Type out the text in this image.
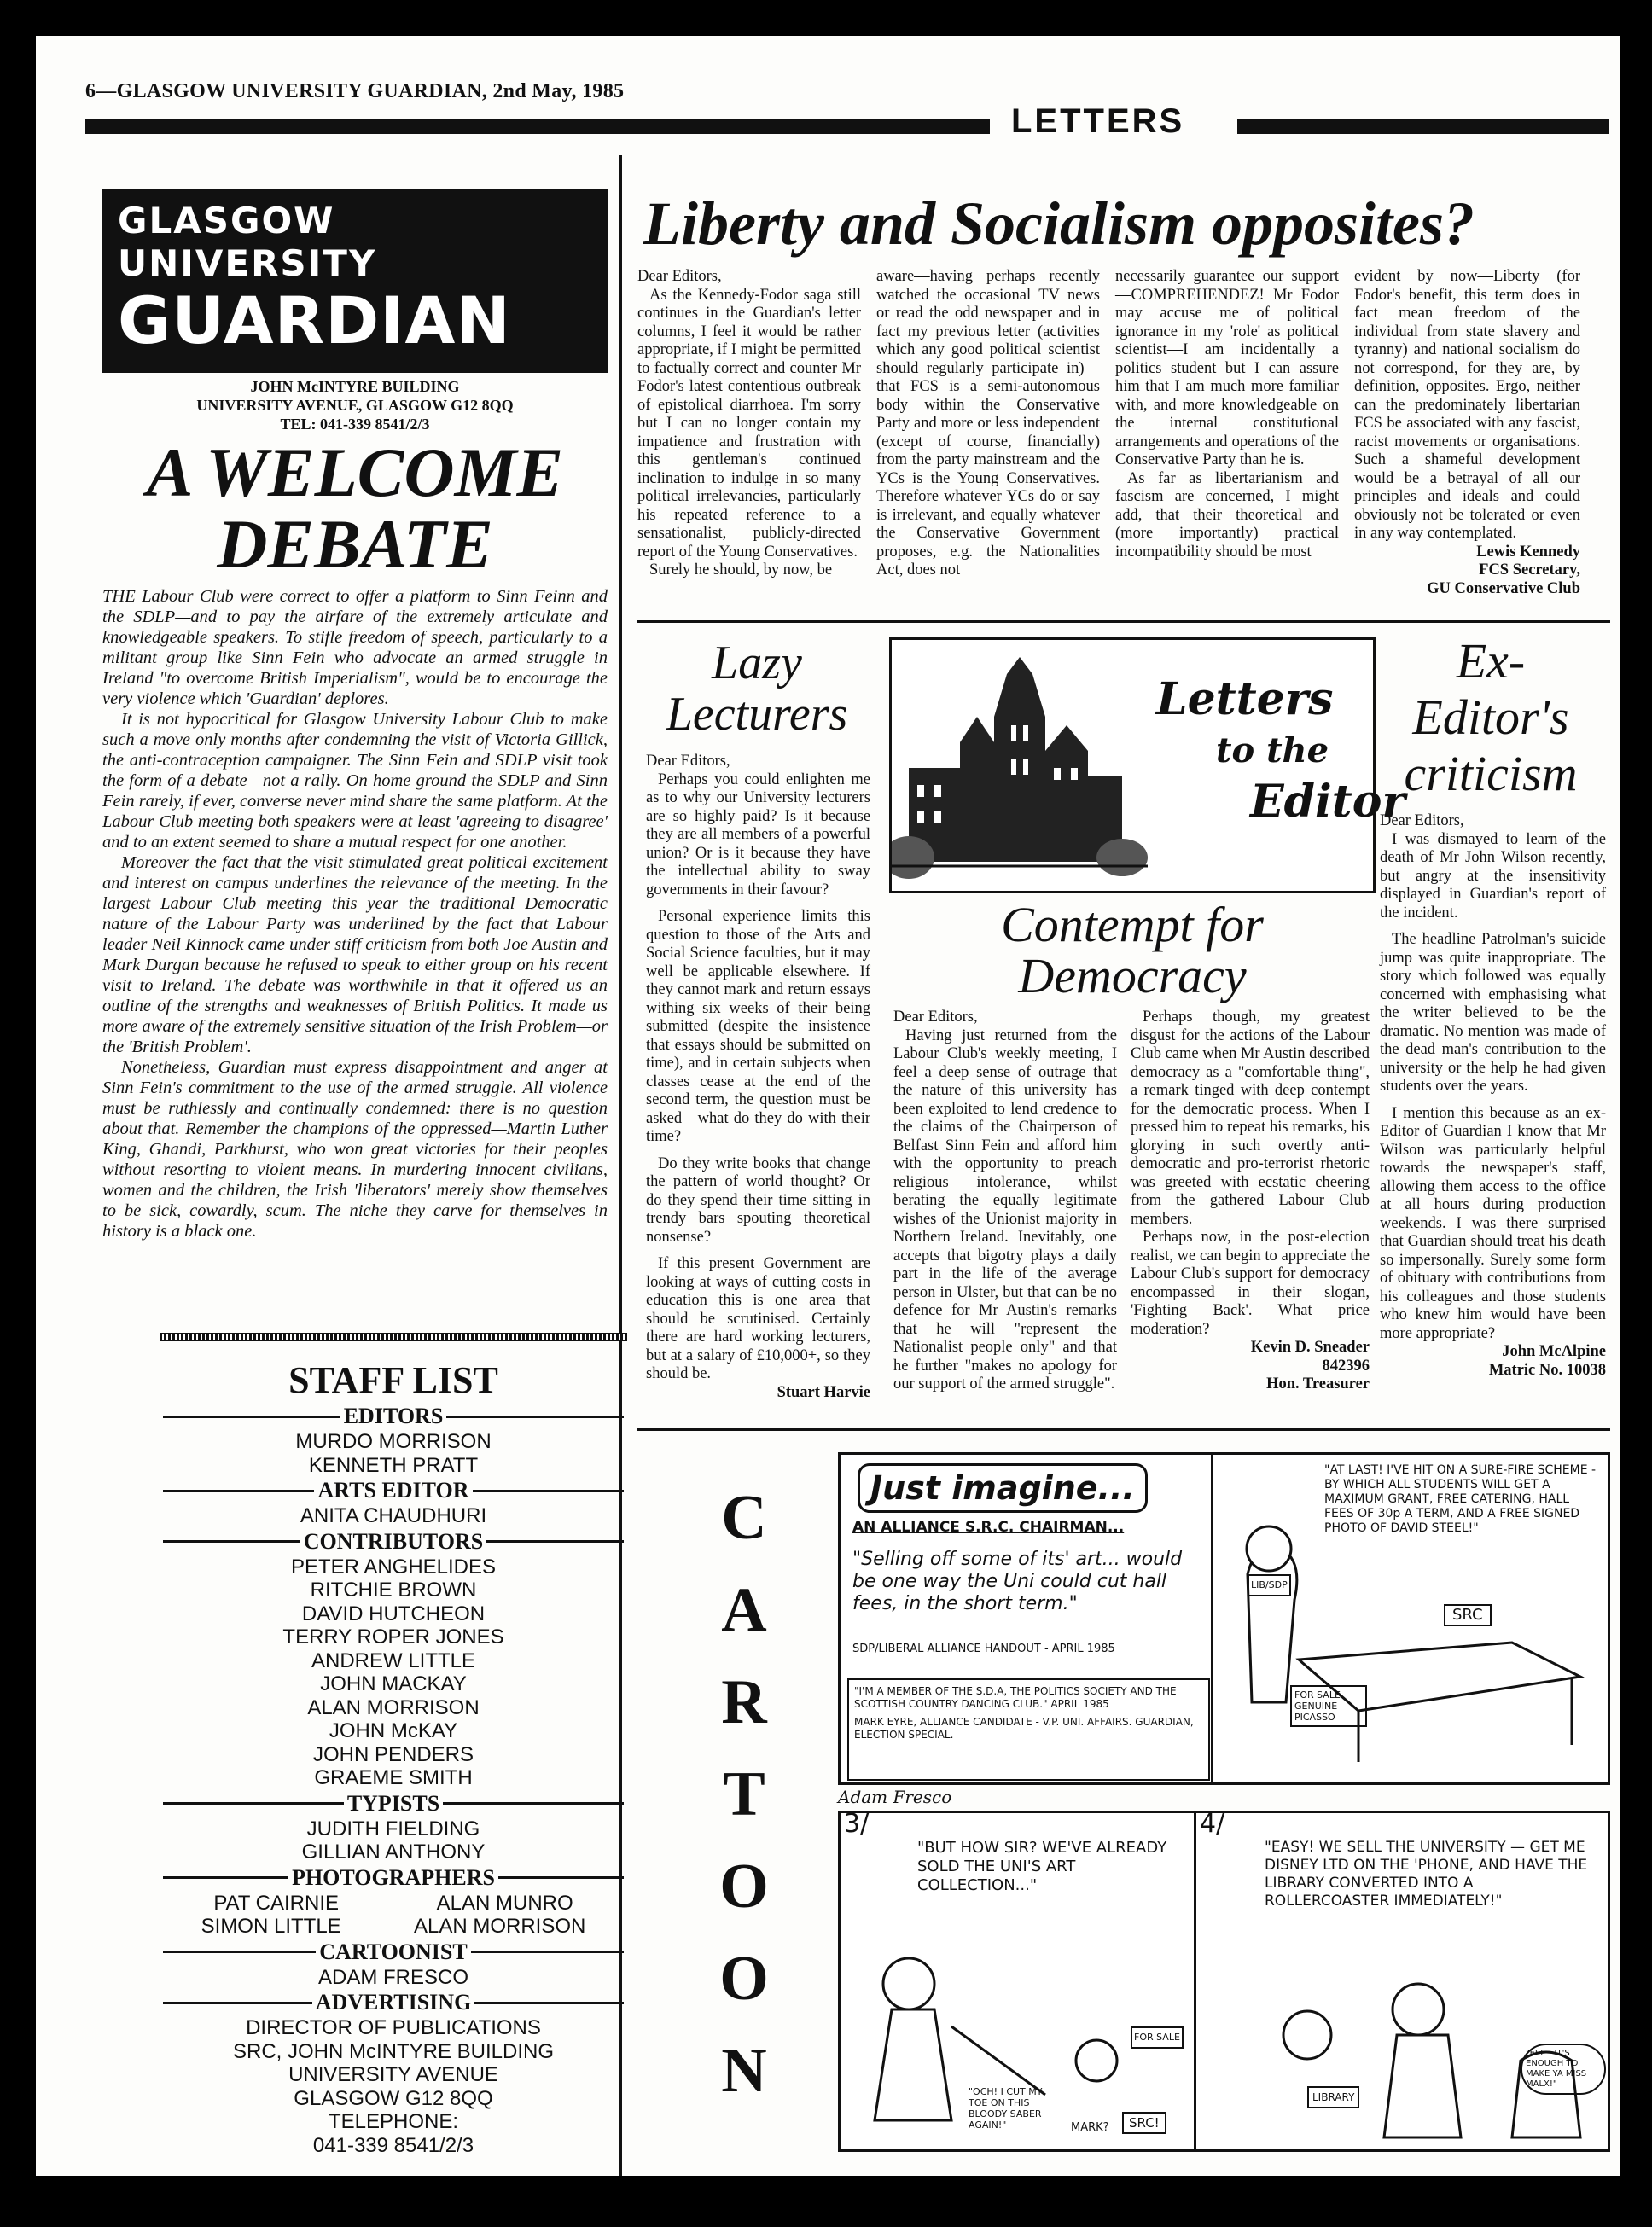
6—GLASGOW UNIVERSITY GUARDIAN, 2nd May, 1985
LETTERS
GLASGOW
UNIVERSITY
GUARDIAN
JOHN McINTYRE BUILDING
UNIVERSITY AVENUE, GLASGOW G12 8QQ
TEL: 041-339 8541/2/3
A WELCOME
DEBATE

THE Labour Club were correct to offer a platform to Sinn Feinn and the SDLP—and to pay the airfare of the extremely articulate and knowledgeable speakers. To stifle freedom of speech, particularly to a militant group like Sinn Fein who advocate an armed struggle in Ireland "to overcome British Imperialism", would be to encourage the very violence which 'Guardian' deplores.

It is not hypocritical for Glasgow University Labour Club to make such a move only months after condemning the visit of Victoria Gillick, the anti-contraception campaigner. The Sinn Fein and SDLP visit took the form of a debate—not a rally. On home ground the SDLP and Sinn Fein rarely, if ever, converse never mind share the same platform. At the Labour Club meeting both speakers were at least 'agreeing to disagree' and to an extent seemed to share a mutual respect for one another.

Moreover the fact that the visit stimulated great political excitement and interest on campus underlines the relevance of the meeting. In the largest Labour Club meeting this year the traditional Democratic nature of the Labour Party was underlined by the fact that Labour leader Neil Kinnock came under stiff criticism from both Joe Austin and Mark Durgan because he refused to speak to either group on his recent visit to Ireland. The debate was worthwhile in that it offered us an outline of the strengths and weaknesses of British Politics. It made us more aware of the extremely sensitive situation of the Irish Problem—or the 'British Problem'.

Nonetheless, Guardian must express disappointment and anger at Sinn Fein's commitment to the use of the armed struggle. All violence must be ruthlessly and continually condemned: there is no question about that. Remember the champions of the oppressed—Martin Luther King, Ghandi, Parkhurst, who won great victories for their peoples without resorting to violent means. In murdering innocent civilians, women and the children, the Irish 'liberators' merely show themselves to be sick, cowardly, scum. The niche they carve for themselves in history is a black one.

STAFF LIST
EDITORS
MURDO MORRISON
KENNETH PRATT
ARTS EDITOR
ANITA CHAUDHURI
CONTRIBUTORS
PETER ANGHELIDES
RITCHIE BROWN
DAVID HUTCHEON
TERRY ROPER JONES
ANDREW LITTLE
JOHN MACKAY
ALAN MORRISON
JOHN McKAY
JOHN PENDERS
GRAEME SMITH
TYPISTS
JUDITH FIELDING
GILLIAN ANTHONY
PHOTOGRAPHERS
PAT CAIRNIE	ALAN MUNRO
SIMON LITTLE	ALAN MORRISON
CARTOONIST
ADAM FRESCO
ADVERTISING
DIRECTOR OF PUBLICATIONS
SRC, JOHN McINTYRE BUILDING
UNIVERSITY AVENUE
GLASGOW G12 8QQ
TELEPHONE:
041-339 8541/2/3
Liberty and Socialism opposites?

Dear Editors,

As the Kennedy-Fodor saga still continues in the Guardian's letter columns, I feel it would be rather appropriate, if I might be permitted to factually correct and counter Mr Fodor's latest contentious outbreak of epistolical diarrhoea. I'm sorry but I can no longer contain my impatience and frustration with this gentleman's continued inclination to indulge in so many political irrelevancies, particularly his repeated reference to a sensationalist, publicly-directed report of the Young Conservatives.

Surely he should, by now, be

aware—having perhaps recently watched the occasional TV news or read the odd newspaper and in fact my previous letter (activities which any good political scientist should regularly participate in)—that FCS is a semi-autonomous body within the Conservative Party and more or less independent (except of course, financially) from the party mainstream and the YCs is the Young Conservatives. Therefore whatever YCs do or say is irrelevant, and equally whatever the Conservative Government proposes, e.g. the Nationalities Act, does not

necessarily guarantee our support—COMPREHENDEZ! Mr Fodor may accuse me of political ignorance in my 'role' as political scientist—I am incidentally a politics student but I can assure him that I am much more familiar with, and more knowledgeable on the internal constitutional arrangements and operations of the Conservative Party than he is.

As far as libertarianism and fascism are concerned, I might add, that their theoretical and (more importantly) practical incompatibility should be most

evident by now—Liberty (for Fodor's benefit, this term does in fact mean freedom of the individual from state slavery and tyranny) and national socialism do not correspond, for they are, by definition, opposites. Ergo, neither can the predominately libertarian FCS be associated with any fascist, racist movements or organisations. Such a shameful development would be a betrayal of all our principles and ideals and could obviously not be tolerated or even in any way contemplated.

Lewis Kennedy

FCS Secretary,

GU Conservative Club

Lazy
Lecturers

Dear Editors,

Perhaps you could enlighten me as to why our University lecturers are so highly paid? Is it because they are all members of a powerful union? Or is it because they have the intellectual ability to sway governments in their favour?

Personal experience limits this question to those of the Arts and Social Science faculties, but it may well be applicable elsewhere. If they cannot mark and return essays withing six weeks of their being submitted (despite the insistence that essays should be submitted on time), and in certain subjects when classes cease at the end of the second term, the question must be asked—what do they do with their time?

Do they write books that change the pattern of world thought? Or do they spend their time sitting in trendy bars spouting theoretical nonsense?

If this present Government are looking at ways of cutting costs in education this is one area that should be scrutinised. Certainly there are hard working lecturers, but at a salary of £10,000+, so they should be.

Stuart Harvie

Letters
to the
Editor
Contempt for
Democracy

Dear Editors,

Having just returned from the Labour Club's weekly meeting, I feel a deep sense of outrage that the nature of this university has been exploited to lend credence to the claims of the Chairperson of Belfast Sinn Fein and afford him with the opportunity to preach religious intolerance, whilst berating the equally legitimate wishes of the Unionist majority in Northern Ireland. Inevitably, one accepts that bigotry plays a daily part in the life of the average person in Ulster, but that can be no defence for Mr Austin's remarks that he will "represent the Nationalist people only" and that he further "makes no apology for our support of the armed struggle".

Perhaps though, my greatest disgust for the actions of the Labour Club came when Mr Austin described democracy as a "comfortable thing", a remark tinged with deep contempt for the democratic process. When I pressed him to repeat his remarks, his glorying in such overtly anti-democratic and pro-terrorist rhetoric was greeted with ecstatic cheering from the gathered Labour Club members.

Perhaps now, in the post-election realist, we can begin to appreciate the Labour Club's support for democracy encompassed in their slogan, 'Fighting Back'. What price moderation?

Kevin D. Sneader

842396

Hon. Treasurer

Ex-
Editor's
criticism

Dear Editors,

I was dismayed to learn of the death of Mr John Wilson recently, but angry at the insensitivity displayed in Guardian's report of the incident.

The headline Patrolman's suicide jump was quite inappropriate. The story which followed was equally concerned with emphasising what the writer believed to be the dramatic. No mention was made of the dead man's contribution to the university or the help he had given students over the years.

I mention this because as an ex-Editor of Guardian I know that Mr Wilson was particularly helpful towards the newspaper's staff, allowing them access to the office at all hours during production weekends. I was there surprised that Guardian should treat his death so impersonally. Surely some form of obituary with contributions from his colleagues and those students who knew him would have been more appropriate?

John McAlpine

Matric No. 10038

C
A
R
T
O
O
N
Just imagine...
AN ALLIANCE S.R.C. CHAIRMAN...
"Selling off some of its' art... would be one way the Uni could cut hall fees, in the short term."
SDP/LIBERAL ALLIANCE HANDOUT - APRIL 1985
"I'M A MEMBER OF THE S.D.A, THE POLITICS SOCIETY AND THE SCOTTISH COUNTRY DANCING CLUB." APRIL 1985
MARK EYRE, ALLIANCE CANDIDATE - V.P. UNI. AFFAIRS. GUARDIAN, ELECTION SPECIAL.
"AT LAST! I'VE HIT ON A SURE-FIRE SCHEME - BY WHICH ALL STUDENTS WILL GET A MAXIMUM GRANT, FREE CATERING, HALL FEES OF 30p A TERM, AND A FREE SIGNED PHOTO OF DAVID STEEL!"
LIB/SDP
SRC
FOR SALE GENUINE PICASSO
Adam Fresco
3/
"BUT HOW SIR? WE'VE ALREADY SOLD THE UNI'S ART COLLECTION..."
"OCH! I CUT MY TOE ON THIS BLOODY SABER AGAIN!"	MARK?
FOR SALE
SRC!
4/
"EASY! WE SELL THE UNIVERSITY — GET ME DISNEY LTD ON THE 'PHONE, AND HAVE THE LIBRARY CONVERTED INTO A ROLLERCOASTER IMMEDIATELY!"
LIBRARY
"EEE - IT'S ENOUGH TO MAKE YA MISS MALX!"
